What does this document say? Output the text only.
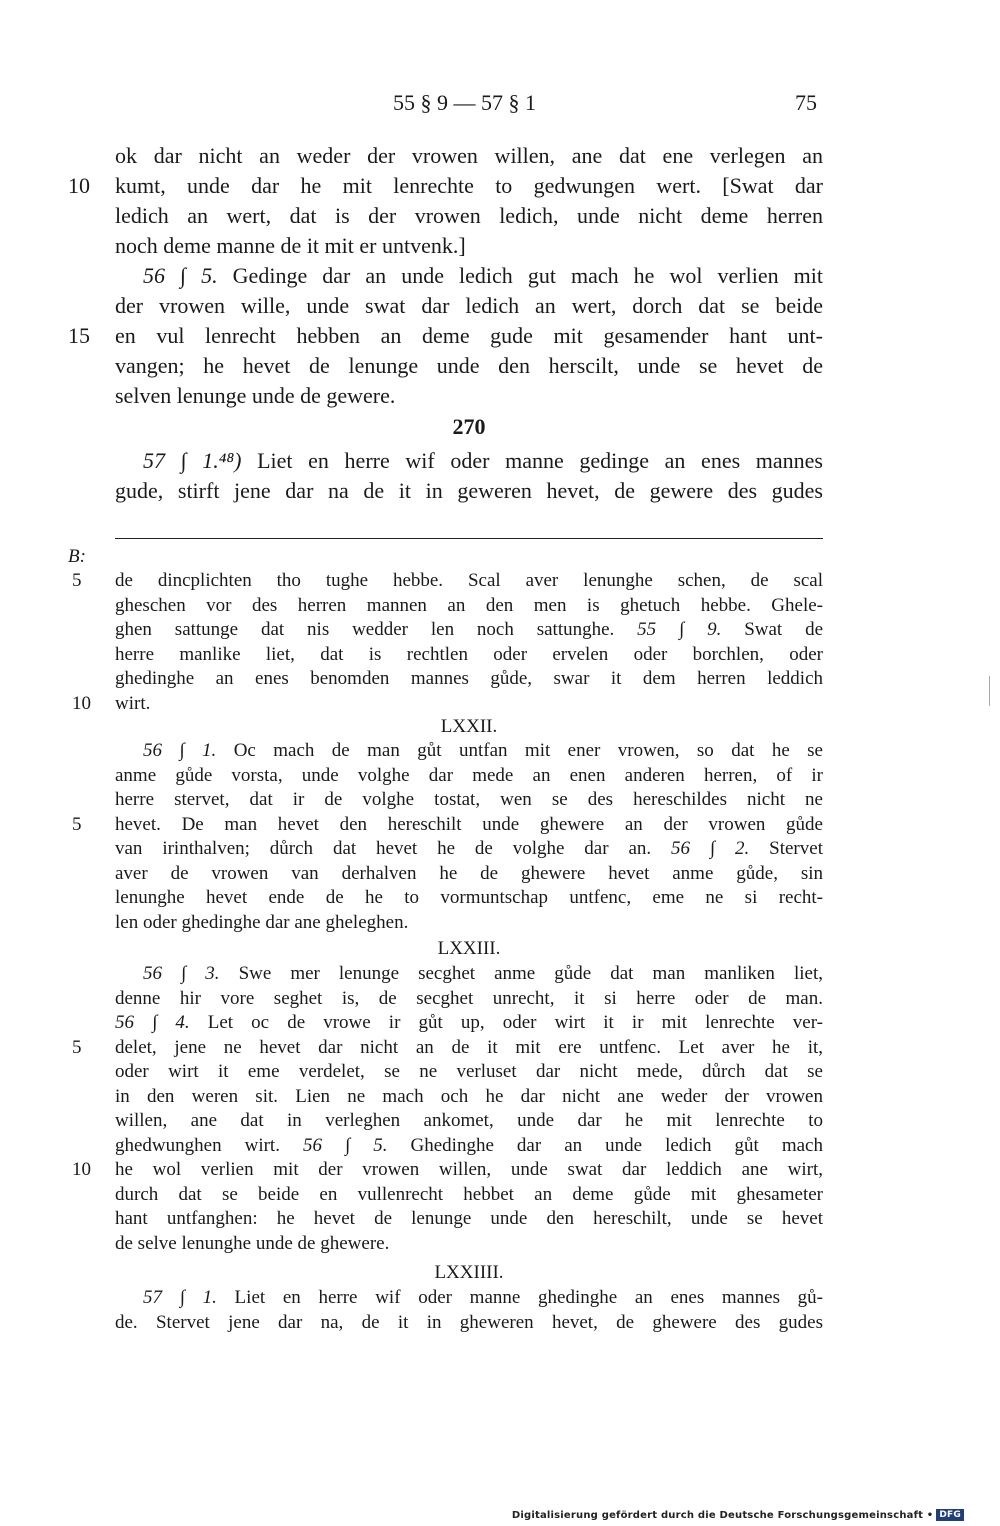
55 § 9 — 57 § 1	75
ok dar nicht an weder der vrowen willen, ane dat ene verlegen an
10	kumt, unde dar he mit lenrechte to gedwungen wert. [Swat dar
ledich an wert, dat is der vrowen ledich, unde nicht deme herren
noch deme manne de it mit er untvenk.]
56 ∫ 5. Gedinge dar an unde ledich gut mach he wol verlien mit
der vrowen wille, unde swat dar ledich an wert, dorch dat se beide
15	en vul lenrecht hebben an deme gude mit gesamender hant unt-
vangen; he hevet de lenunge unde den herscilt, unde se hevet de
selven lenunge unde de gewere.
270
57 ∫ 1.⁴⁸) Liet en herre wif oder manne gedinge an enes mannes
gude, stirft jene dar na de it in geweren hevet, de gewere des gudes
B:
5	de dincplichten tho tughe hebbe. Scal aver lenunghe schen, de scal
gheschen vor des herren mannen an den men is ghetuch hebbe. Ghele-
ghen sattunge dat nis wedder len noch sattunghe. 55 ∫ 9. Swat de
herre manlike liet, dat is rechtlen oder ervelen oder borchlen, oder
ghedinghe an enes benomden mannes gůde, swar it dem herren leddich
10	wirt.
LXXII.
56 ∫ 1. Oc mach de man gůt untfan mit ener vrowen, so dat he se
anme gůde vorsta, unde volghe dar mede an enen anderen herren, of ir
herre stervet, dat ir de volghe tostat, wen se des hereschildes nicht ne
5	hevet. De man hevet den hereschilt unde ghewere an der vrowen gůde
van irinthalven; důrch dat hevet he de volghe dar an. 56 ∫ 2. Stervet
aver de vrowen van derhalven he de ghewere hevet anme gůde, sin
lenunghe hevet ende de he to vormuntschap untfenc, eme ne si recht-
len oder ghedinghe dar ane gheleghen.
LXXIII.
56 ∫ 3. Swe mer lenunge secghet anme gůde dat man manliken liet,
denne hir vore seghet is, de secghet unrecht, it si herre oder de man.
56 ∫ 4. Let oc de vrowe ir gůt up, oder wirt it ir mit lenrechte ver-
5	delet, jene ne hevet dar nicht an de it mit ere untfenc. Let aver he it,
oder wirt it eme verdelet, se ne verluset dar nicht mede, důrch dat se
in den weren sit. Lien ne mach och he dar nicht ane weder der vrowen
willen, ane dat in verleghen ankomet, unde dar he mit lenrechte to
ghedwunghen wirt. 56 ∫ 5. Ghedinghe dar an unde ledich gůt mach
10	he wol verlien mit der vrowen willen, unde swat dar leddich ane wirt,
durch dat se beide en vullenrecht hebbet an deme gůde mit ghesameter
hant untfanghen: he hevet de lenunge unde den hereschilt, unde se hevet
de selve lenunghe unde de ghewere.
LXXIIII.
57 ∫ 1. Liet en herre wif oder manne ghedinghe an enes mannes gů-
de. Stervet jene dar na, de it in gheweren hevet, de ghewere des gudes
Digitalisierung gefördert durch die Deutsche Forschungsgemeinschaft • DFG
